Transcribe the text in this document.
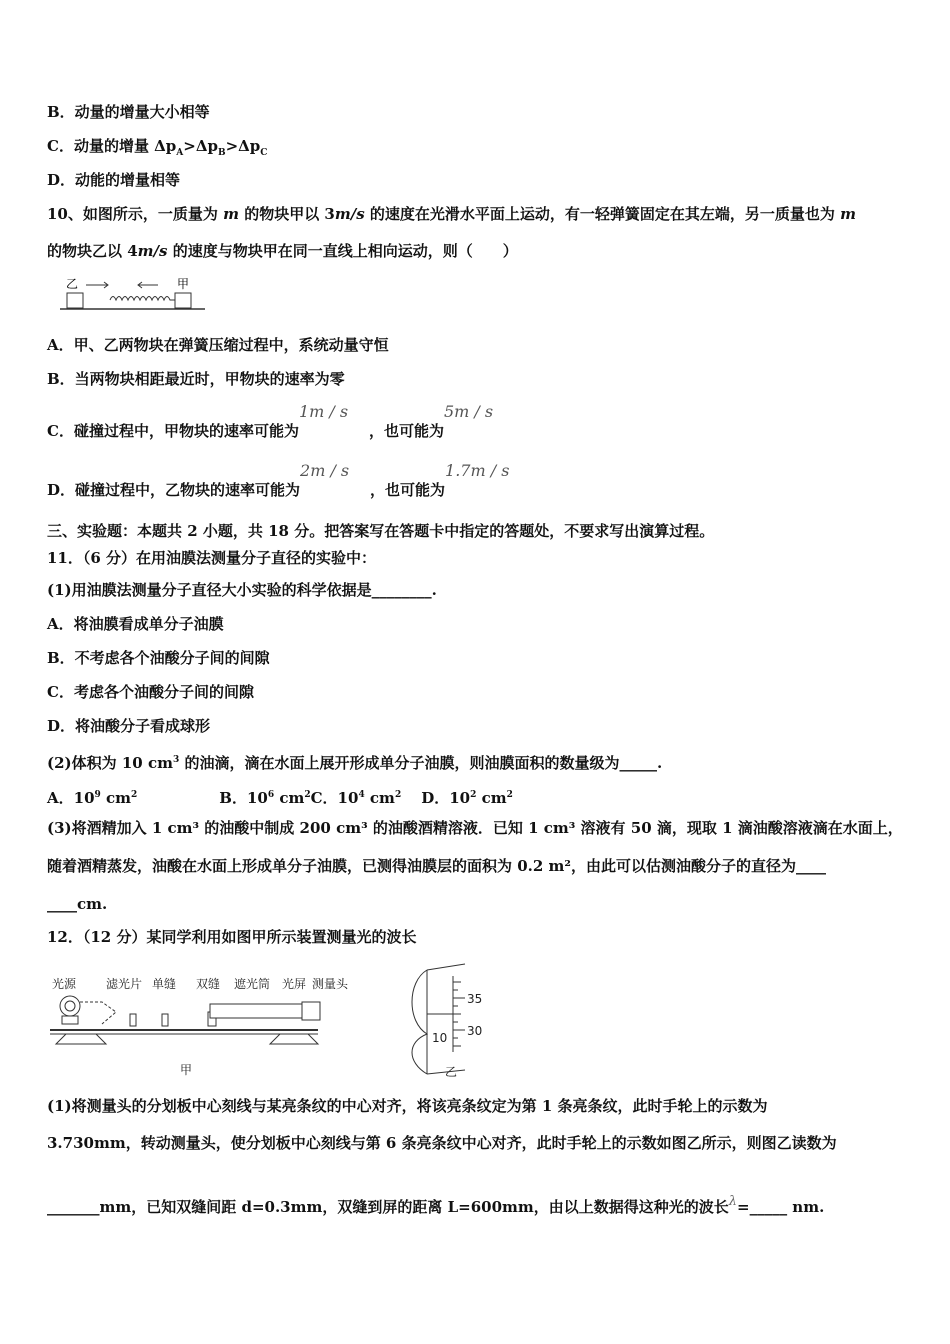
B．动量的增量大小相等
C．动量的增量 $\Delta p_A>\Delta p_B>\Delta p_C$
D．动能的增量相等
10、如图所示，一质量为 m 的物块甲以 3m/s 的速度在光滑水平面上运动，有一轻弹簧固定在其左端，另一质量也为 m
的物块乙以 4m/s 的速度与物块甲在同一直线上相向运动，则（　　）
乙	甲
A．甲、乙两物块在弹簧压缩过程中，系统动量守恒
B．当两物块相距最近时，甲物块的速率为零
C．碰撞过程中，甲物块的速率可能为
1m / s
，也可能为
5m / s
D．碰撞过程中，乙物块的速率可能为
2m / s
，也可能为
1.7m / s
三、实验题：本题共 2 小题，共 18 分。把答案写在答题卡中指定的答题处，不要求写出演算过程。
11．（6 分）在用油膜法测量分子直径的实验中：
(1)用油膜法测量分子直径大小实验的科学依据是________.
A．将油膜看成单分子油膜
B．不考虑各个油酸分子间的间隙
C．考虑各个油酸分子间的间隙
D．将油酸分子看成球形
(2)体积为 10 $cm^3$ 的油滴，滴在水面上展开形成单分子油膜，则油膜面积的数量级为_____.
A．$10^9$ $cm^2$	B．$10^6$ $cm^2C$．$10^4$ $cm^2$ D．$10^2$ $cm^2$
(3)将酒精加入 1 cm³ 的油酸中制成 200 cm³ 的油酸酒精溶液．已知 1 cm³ 溶液有 50 滴，现取 1 滴油酸溶液滴在水面上，
随着酒精蒸发，油酸在水面上形成单分子油膜，已测得油膜层的面积为 0.2 m²，由此可以估测油酸分子的直径为____
____cm.
12．（12 分）某同学利用如图甲所示装置测量光的波长
光源 滤光片 单缝 双缝 遮光筒 光屏 测量头
甲
35
30
10
乙
(1)将测量头的分划板中心刻线与某亮条纹的中心对齐，将该亮条纹定为第 1 条亮条纹，此时手轮上的示数为
3.730mm，转动测量头，使分划板中心刻线与第 6 条亮条纹中心对齐，此时手轮上的示数如图乙所示，则图乙读数为
_______mm，已知双缝间距 d=0.3mm，双缝到屏的距离 L=600mm，由以上数据得这种光的波长λ=_____ nm.
